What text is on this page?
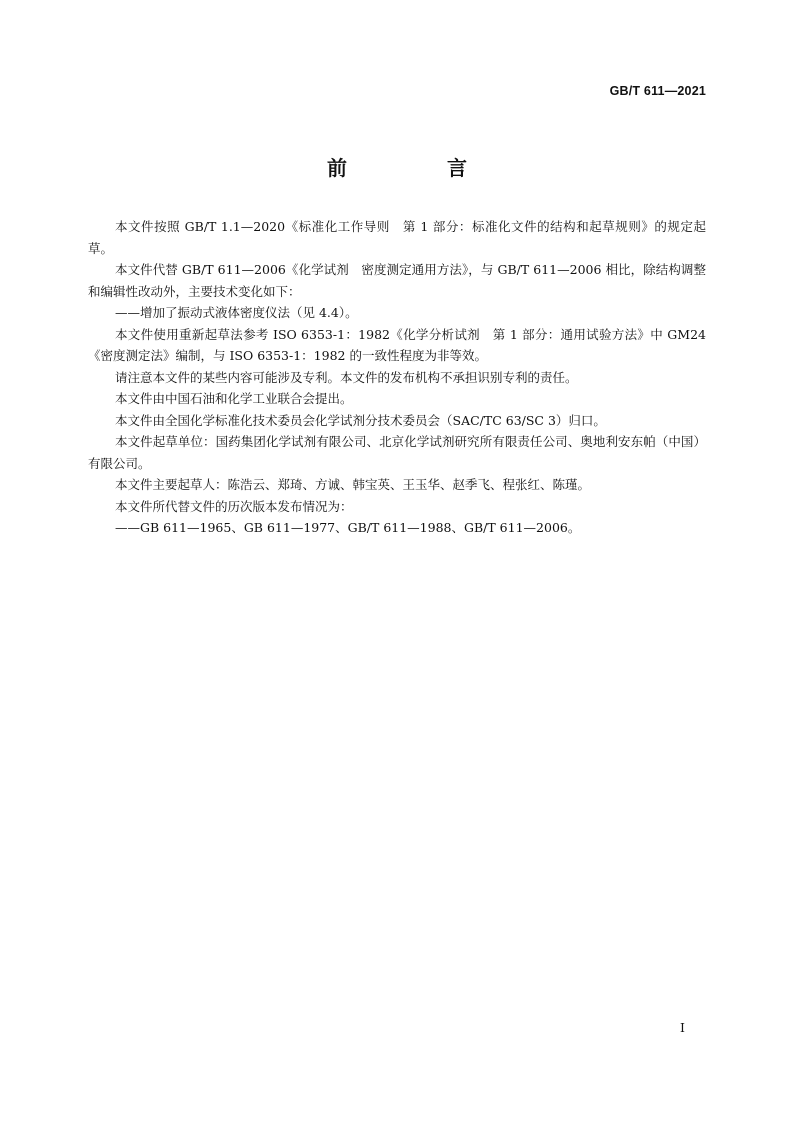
GB/T 611—2021
前　言

本文件按照 GB/T 1.1—2020《标准化工作导则　第 1 部分：标准化文件的结构和起草规则》的规定起草。

本文件代替 GB/T 611—2006《化学试剂　密度测定通用方法》，与 GB/T 611—2006 相比，除结构调整和编辑性改动外，主要技术变化如下：

——增加了振动式液体密度仪法（见 4.4）。

本文件使用重新起草法参考 ISO 6353-1：1982《化学分析试剂　第 1 部分：通用试验方法》中 GM24《密度测定法》编制，与 ISO 6353-1：1982 的一致性程度为非等效。

请注意本文件的某些内容可能涉及专利。本文件的发布机构不承担识别专利的责任。

本文件由中国石油和化学工业联合会提出。

本文件由全国化学标准化技术委员会化学试剂分技术委员会（SAC/TC 63/SC 3）归口。

本文件起草单位：国药集团化学试剂有限公司、北京化学试剂研究所有限责任公司、奥地利安东帕（中国）有限公司。

本文件主要起草人：陈浩云、郑琦、方诚、韩宝英、王玉华、赵季飞、程张红、陈瑾。

本文件所代替文件的历次版本发布情况为：

——GB 611—1965、GB 611—1977、GB/T 611—1988、GB/T 611—2006。

I
